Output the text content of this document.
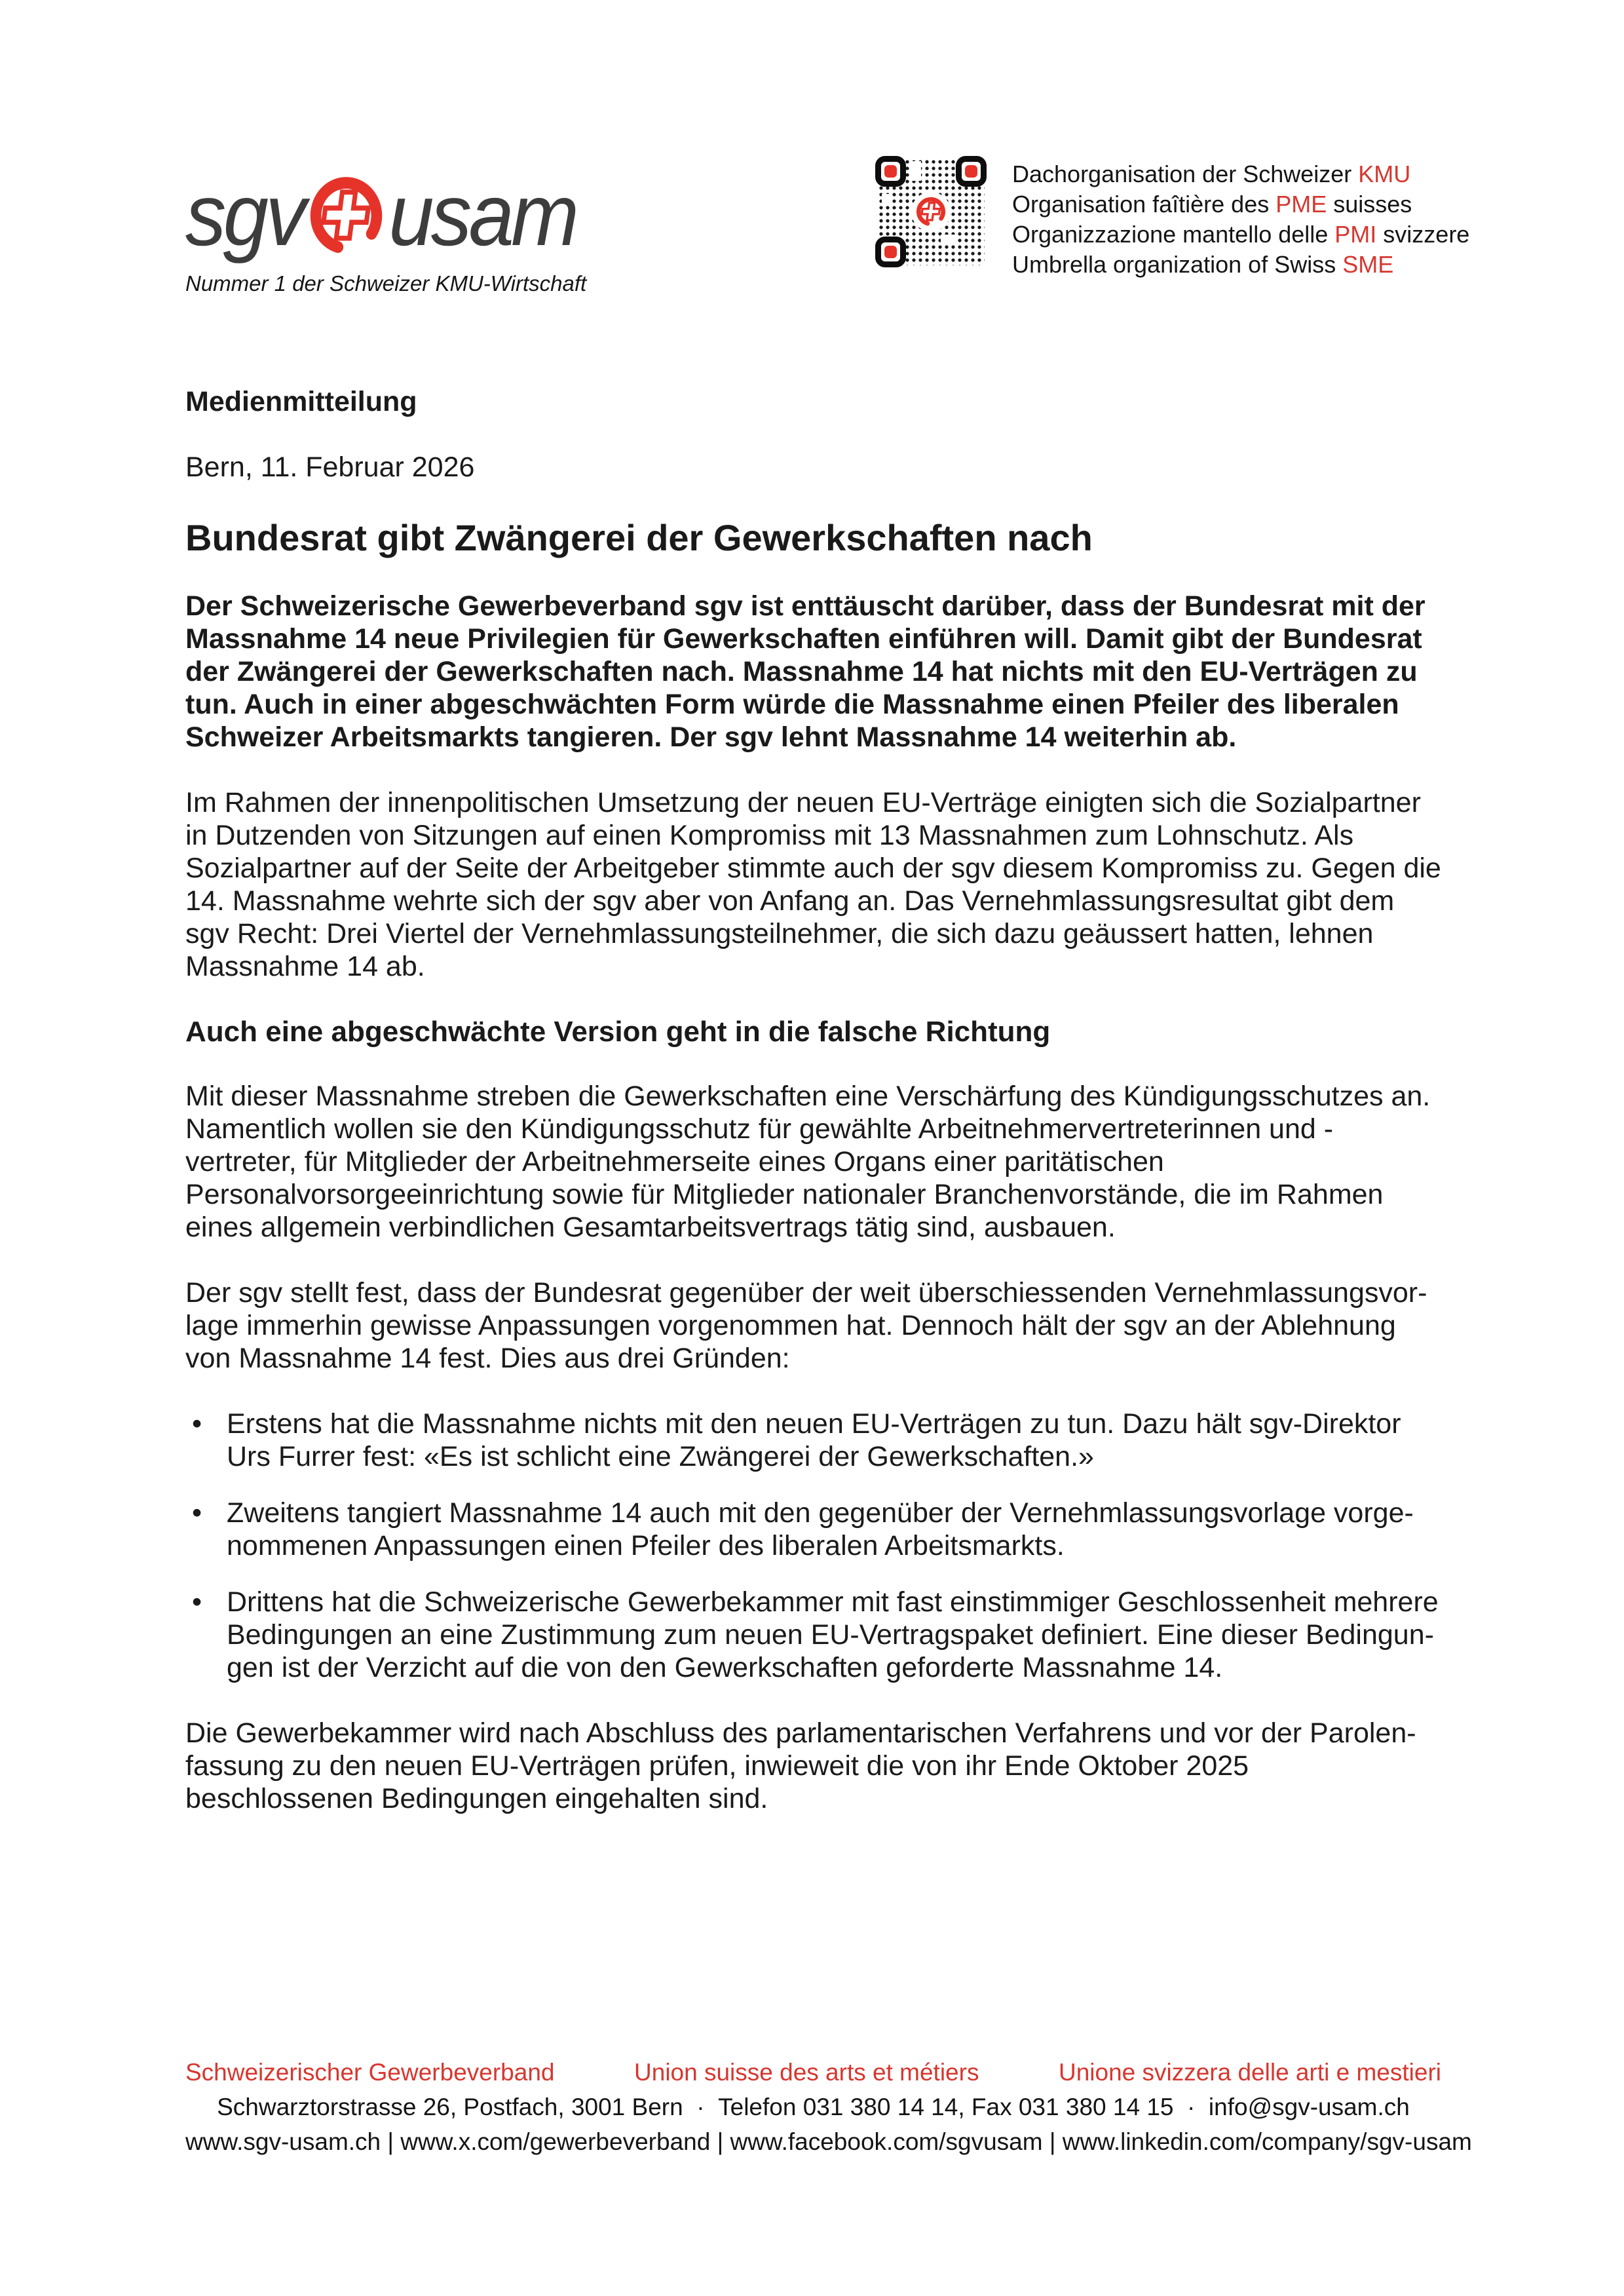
sgv usam
Nummer 1 der Schweizer KMU-Wirtschaft
Dachorganisation der Schweizer KMU
Organisation faîtière des PME suisses
Organizzazione mantello delle PMI svizzere
Umbrella organization of Swiss SME

Medienmitteilung

Bern, 11. Februar 2026

Bundesrat gibt Zwängerei der Gewerkschaften nach

Der Schweizerische Gewerbeverband sgv ist enttäuscht darüber, dass der Bundesrat mit der Massnahme 14 neue Privilegien für Gewerkschaften einführen will. Damit gibt der Bundesrat der Zwängerei der Gewerkschaften nach. Massnahme 14 hat nichts mit den EU-Verträgen zu tun. Auch in einer abgeschwächten Form würde die Massnahme einen Pfeiler des liberalen Schweizer Arbeitsmarkts tangieren. Der sgv lehnt Massnahme 14 weiterhin ab.

Im Rahmen der innenpolitischen Umsetzung der neuen EU-Verträge einigten sich die Sozialpartner in Dutzenden von Sitzungen auf einen Kompromiss mit 13 Massnahmen zum Lohnschutz. Als Sozialpartner auf der Seite der Arbeitgeber stimmte auch der sgv diesem Kompromiss zu. Gegen die 14. Massnahme wehrte sich der sgv aber von Anfang an. Das Vernehmlassungsresultat gibt dem sgv Recht: Drei Viertel der Vernehmlassungsteilnehmer, die sich dazu geäussert hatten, lehnen Massnahme 14 ab.

Auch eine abgeschwächte Version geht in die falsche Richtung

Mit dieser Massnahme streben die Gewerkschaften eine Verschärfung des Kündigungsschutzes an. Namentlich wollen sie den Kündigungsschutz für gewählte Arbeitnehmervertreterinnen und -vertreter, für Mitglieder der Arbeitnehmerseite eines Organs einer paritätischen Personalvorsorgeeinrichtung sowie für Mitglieder nationaler Branchenvorstände, die im Rahmen eines allgemein verbindlichen Gesamtarbeitsvertrags tätig sind, ausbauen.

Der sgv stellt fest, dass der Bundesrat gegenüber der weit überschiessenden Vernehmlassungsvorlage immerhin gewisse Anpassungen vorgenommen hat. Dennoch hält der sgv an der Ablehnung von Massnahme 14 fest. Dies aus drei Gründen:

• Erstens hat die Massnahme nichts mit den neuen EU-Verträgen zu tun. Dazu hält sgv-Direktor Urs Furrer fest: «Es ist schlicht eine Zwängerei der Gewerkschaften.»
• Zweitens tangiert Massnahme 14 auch mit den gegenüber der Vernehmlassungsvorlage vorgenommenen Anpassungen einen Pfeiler des liberalen Arbeitsmarkts.
• Drittens hat die Schweizerische Gewerbekammer mit fast einstimmiger Geschlossenheit mehrere Bedingungen an eine Zustimmung zum neuen EU-Vertragspaket definiert. Eine dieser Bedingungen ist der Verzicht auf die von den Gewerkschaften geforderte Massnahme 14.

Die Gewerbekammer wird nach Abschluss des parlamentarischen Verfahrens und vor der Parolenfassung zu den neuen EU-Verträgen prüfen, inwieweit die von ihr Ende Oktober 2025 beschlossenen Bedingungen eingehalten sind.

Schweizerischer Gewerbeverband	Union suisse des arts et métiers	Unione svizzera delle arti e mestieri
Schwarztorstrasse 26, Postfach, 3001 Bern  ·  Telefon 031 380 14 14, Fax 031 380 14 15  ·  info@sgv-usam.ch
www.sgv-usam.ch | www.x.com/gewerbeverband | www.facebook.com/sgvusam | www.linkedin.com/company/sgv-usam
